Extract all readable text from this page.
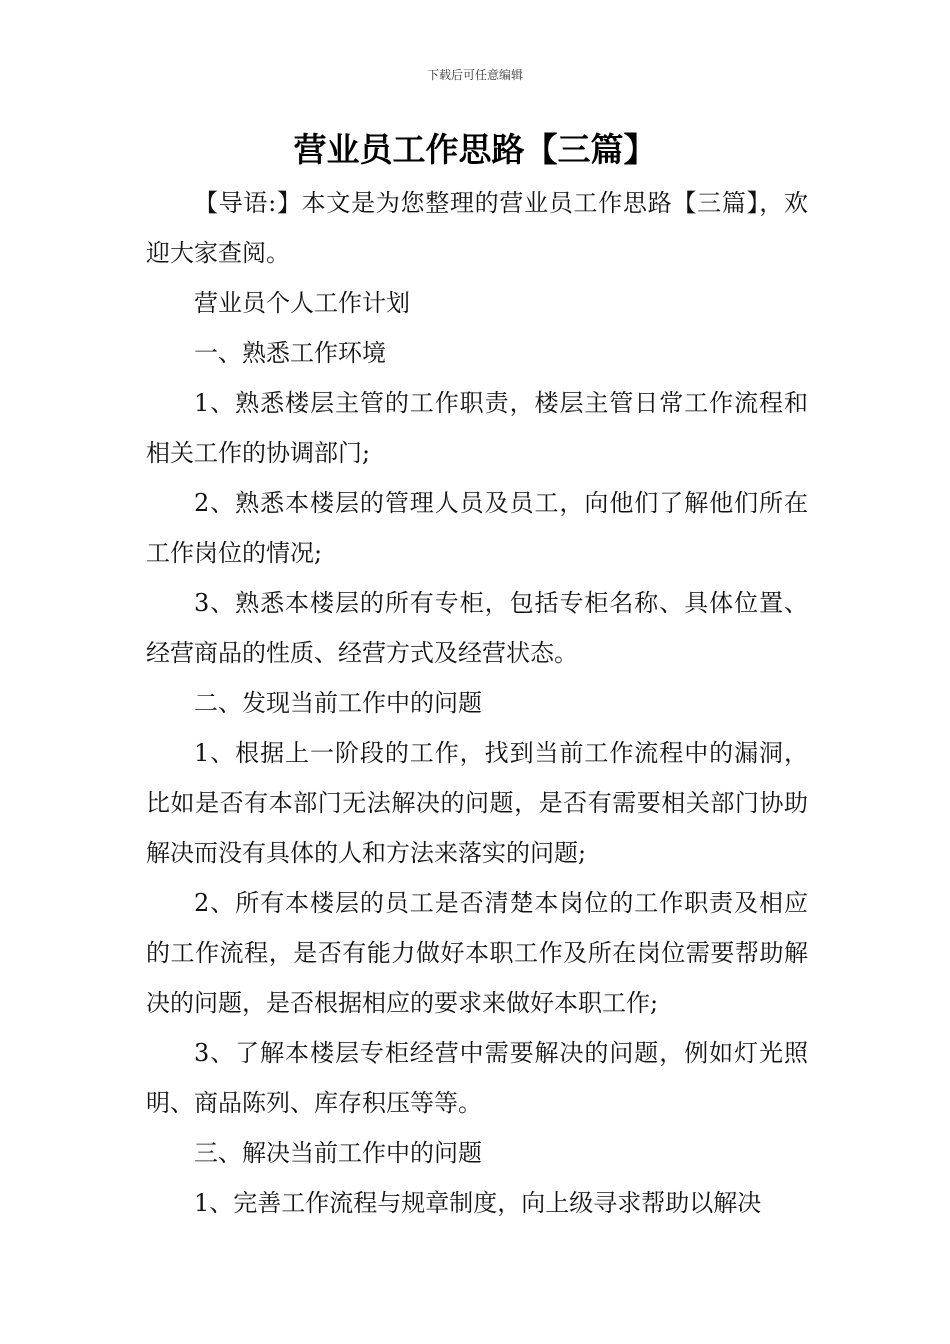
下载后可任意编辑
营业员工作思路【三篇】

【导语:】本文是为您整理的营业员工作思路【三篇】，欢迎大家查阅。

营业员个人工作计划

一、熟悉工作环境

1、熟悉楼层主管的工作职责，楼层主管日常工作流程和相关工作的协调部门;

2、熟悉本楼层的管理人员及员工，向他们了解他们所在工作岗位的情况;

3、熟悉本楼层的所有专柜，包括专柜名称、具体位置、经营商品的性质、经营方式及经营状态。

二、发现当前工作中的问题

1、根据上一阶段的工作，找到当前工作流程中的漏洞，比如是否有本部门无法解决的问题，是否有需要相关部门协助解决而没有具体的人和方法来落实的问题;

2、所有本楼层的员工是否清楚本岗位的工作职责及相应的工作流程，是否有能力做好本职工作及所在岗位需要帮助解决的问题，是否根据相应的要求来做好本职工作;

3、了解本楼层专柜经营中需要解决的问题，例如灯光照明、商品陈列、库存积压等等。

三、解决当前工作中的问题

1、完善工作流程与规章制度，向上级寻求帮助以解决
